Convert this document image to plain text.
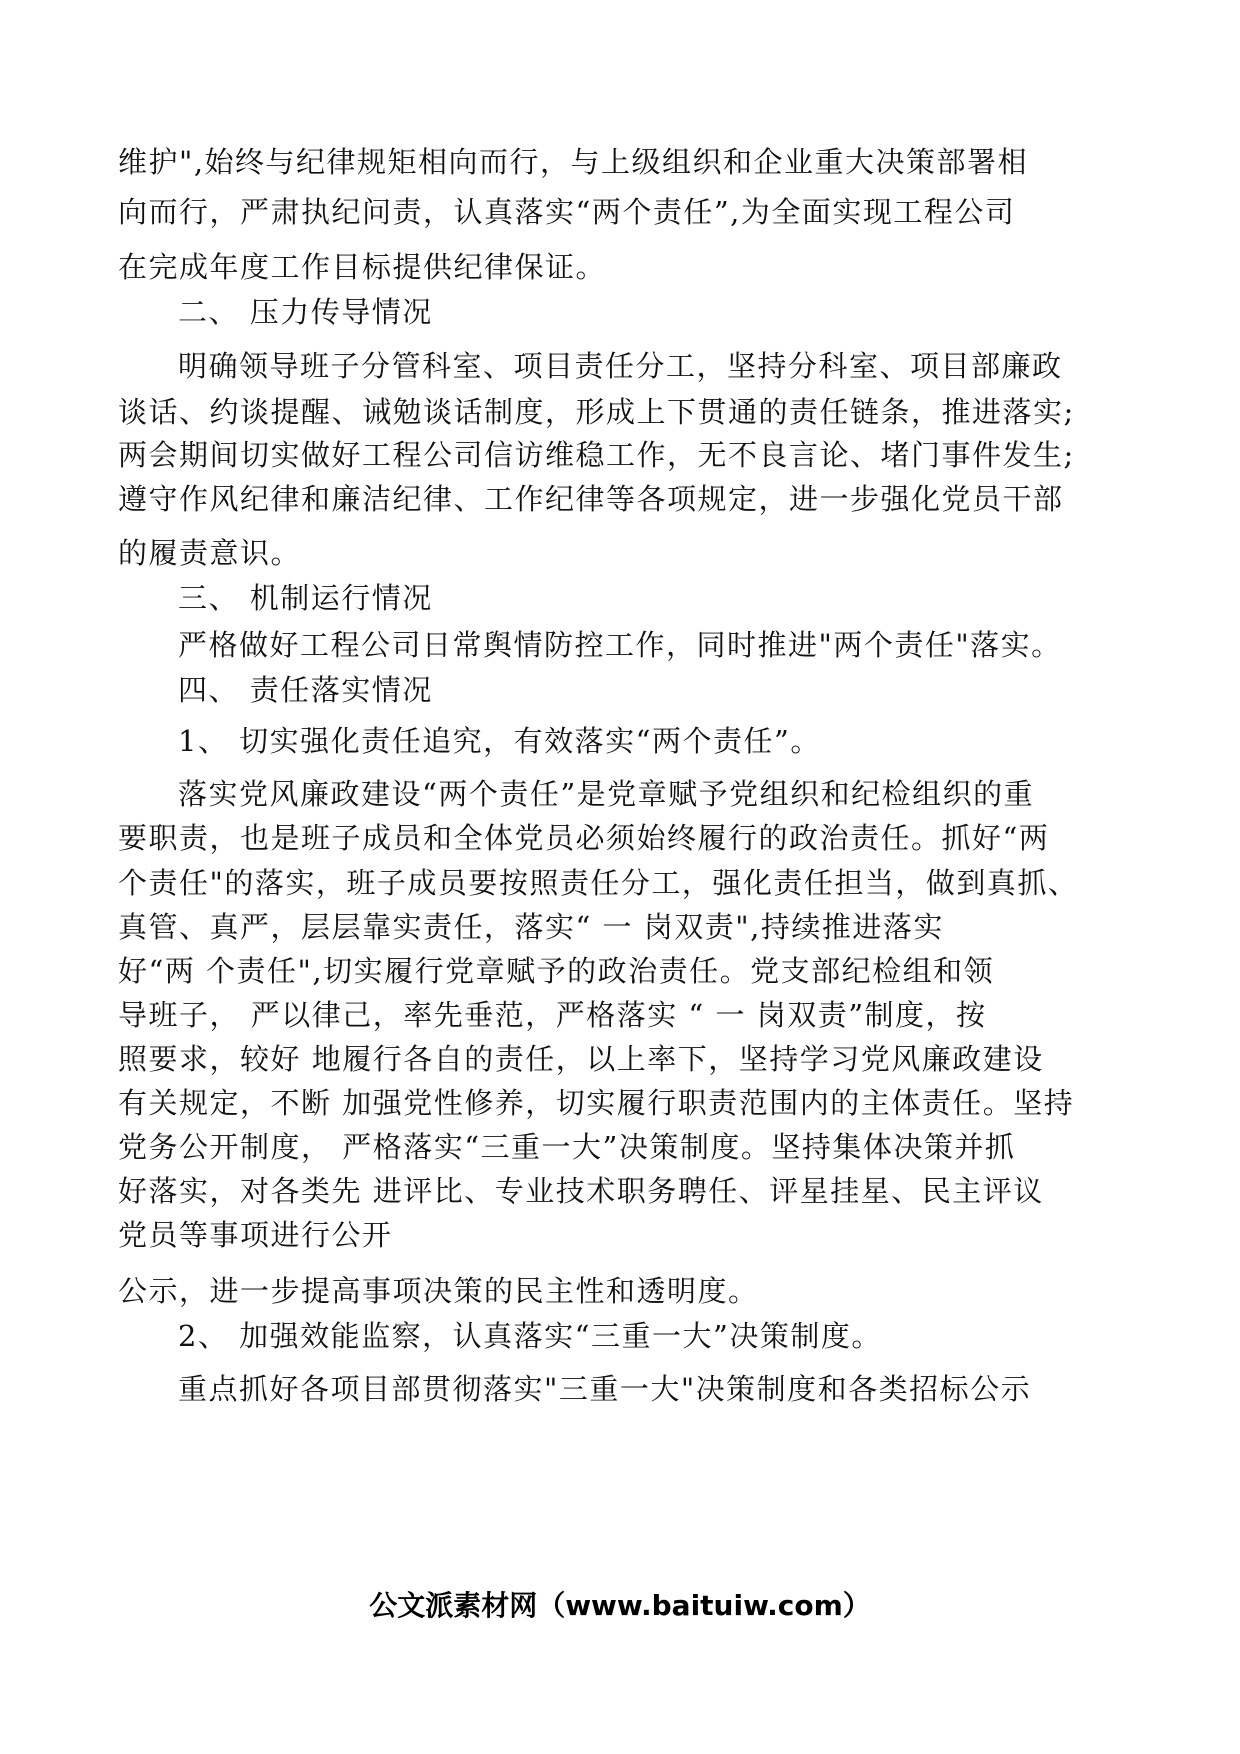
维护",始终与纪律规矩相向而行，与上级组织和企业重大决策部署相

向而行，严肃执纪问责，认真落实“两个责任”,为全面实现工程公司

在完成年度工作目标提供纪律保证。

二、 压力传导情况

明确领导班子分管科室、项目责任分工，坚持分科室、项目部廉政

谈话、约谈提醒、诫勉谈话制度，形成上下贯通的责任链条，推进落实;

两会期间切实做好工程公司信访维稳工作，无不良言论、堵门事件发生;

遵守作风纪律和廉洁纪律、工作纪律等各项规定，进一步强化党员干部

的履责意识。

三、 机制运行情况

严格做好工程公司日常舆情防控工作，同时推进"两个责任"落实。

四、 责任落实情况

1、 切实强化责任追究，有效落实“两个责任”。

落实党风廉政建设“两个责任”是党章赋予党组织和纪检组织的重

要职责，也是班子成员和全体党员必须始终履行的政治责任。抓好“两

个责任"的落实，班子成员要按照责任分工，强化责任担当，做到真抓、

真管、真严，层层靠实责任，落实“ 一 岗双责",持续推进落实

好“两 个责任",切实履行党章赋予的政治责任。党支部纪检组和领

导班子， 严以律己，率先垂范，严格落实 “ 一 岗双责”制度，按

照要求，较好 地履行各自的责任，以上率下，坚持学习党风廉政建设

有关规定，不断 加强党性修养，切实履行职责范围内的主体责任。坚持

党务公开制度， 严格落实“三重一大”决策制度。坚持集体决策并抓

好落实，对各类先 进评比、专业技术职务聘任、评星挂星、民主评议

党员等事项进行公开

公示，进一步提高事项决策的民主性和透明度。

2、 加强效能监察，认真落实“三重一大”决策制度。

重点抓好各项目部贯彻落实"三重一大"决策制度和各类招标公示

公文派素材网（www.baituiw.com）
